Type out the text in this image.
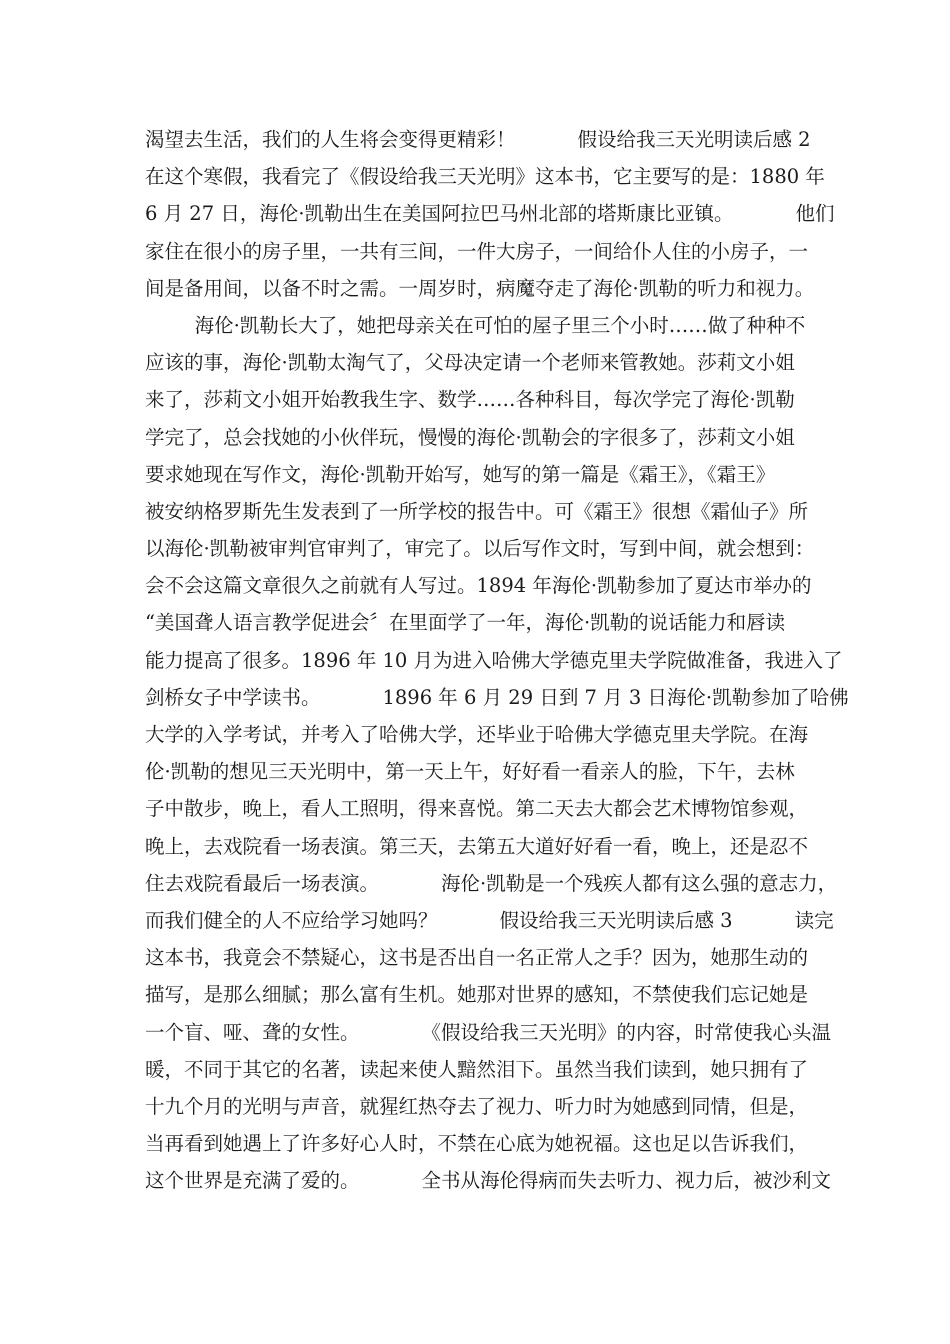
渴望去生活，我们的人生将会变得更精彩！          假设给我三天光明读后感 2
在这个寒假，我看完了《假设给我三天光明》这本书，它主要写的是：1880 年
6 月 27 日，海伦·凯勒出生在美国阿拉巴马州北部的塔斯康比亚镇。          他们
家住在很小的房子里，一共有三间，一件大房子，一间给仆人住的小房子，一
间是备用间，以备不时之需。一周岁时，病魔夺走了海伦·凯勒的听力和视力。
海伦·凯勒长大了，她把母亲关在可怕的屋子里三个小时……做了种种不
应该的事，海伦·凯勒太淘气了，父母决定请一个老师来管教她。莎莉文小姐
来了，莎莉文小姐开始教我生字、数学……各种科目，每次学完了海伦·凯勒
学完了，总会找她的小伙伴玩，慢慢的海伦·凯勒会的字很多了，莎莉文小姐
要求她现在写作文，海伦·凯勒开始写，她写的第一篇是《霜王》，《霜王》
被安纳格罗斯先生发表到了一所学校的报告中。可《霜王》很想《霜仙子》所
以海伦·凯勒被审判官审判了，审完了。以后写作文时，写到中间，就会想到：
会不会这篇文章很久之前就有人写过。1894 年海伦·凯勒参加了夏达市举办的
“美国聋人语言教学促进会〞在里面学了一年，海伦·凯勒的说话能力和唇读
能力提高了很多。1896 年 10 月为进入哈佛大学德克里夫学院做准备，我进入了
剑桥女子中学读书。          1896 年 6 月 29 日到 7 月 3 日海伦·凯勒参加了哈佛
大学的入学考试，并考入了哈佛大学，还毕业于哈佛大学德克里夫学院。在海
伦·凯勒的想见三天光明中，第一天上午，好好看一看亲人的脸，下午，去林
子中散步，晚上，看人工照明，得来喜悦。第二天去大都会艺术博物馆参观，
晚上，去戏院看一场表演。第三天，去第五大道好好看一看，晚上，还是忍不
住去戏院看最后一场表演。          海伦·凯勒是一个残疾人都有这么强的意志力，
而我们健全的人不应给学习她吗？          假设给我三天光明读后感 3          读完
这本书，我竟会不禁疑心，这书是否出自一名正常人之手？因为，她那生动的
描写，是那么细腻；那么富有生机。她那对世界的感知，不禁使我们忘记她是
一个盲、哑、聋的女性。          《假设给我三天光明》的内容，时常使我心头温
暖，不同于其它的名著，读起来使人黯然泪下。虽然当我们读到，她只拥有了
十九个月的光明与声音，就猩红热夺去了视力、听力时为她感到同情，但是，
当再看到她遇上了许多好心人时，不禁在心底为她祝福。这也足以告诉我们，
这个世界是充满了爱的。          全书从海伦得病而失去听力、视力后，被沙利文
